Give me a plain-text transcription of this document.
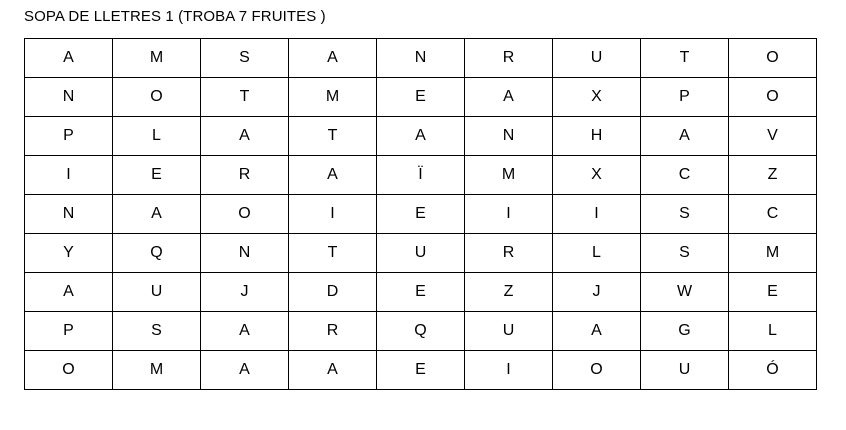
SOPA DE LLETRES 1 (TROBA 7 FRUITES )
A	M	S	A	N	R	U	T	O
N	O	T	M	E	A	X	P	O
P	L	A	T	A	N	H	A	V
I	E	R	A	Ï	M	X	C	Z
N	A	O	I	E	I	I	S	C
Y	Q	N	T	U	R	L	S	M
A	U	J	D	E	Z	J	W	E
P	S	A	R	Q	U	A	G	L
O	M	A	A	E	I	O	U	Ó
